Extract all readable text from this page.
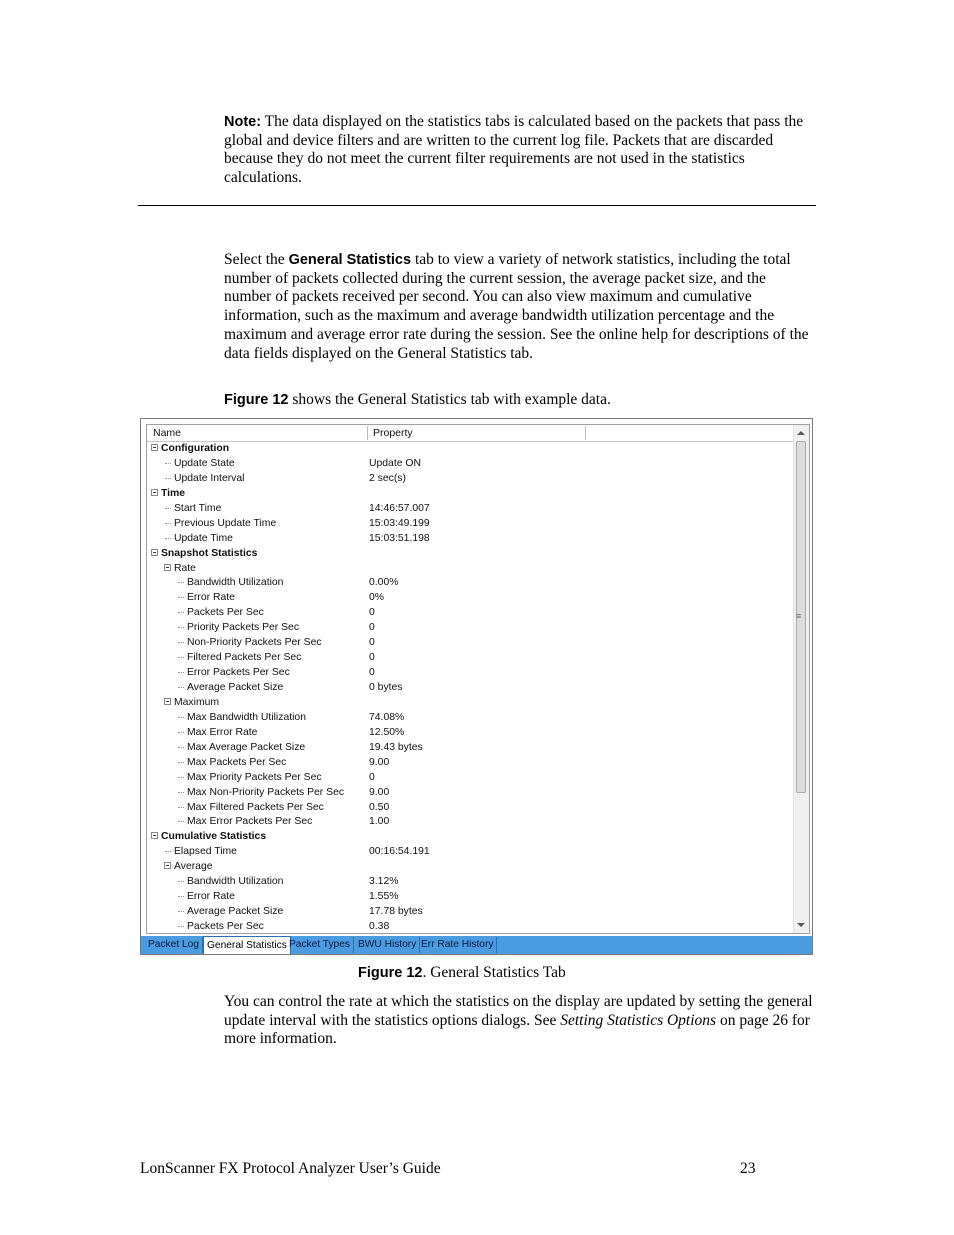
Note: The data displayed on the statistics tabs is calculated based on the packets that pass the global and device filters and are written to the current log file. Packets that are discarded because they do not meet the current filter requirements are not used in the statistics calculations.

Select the General Statistics tab to view a variety of network statistics, including the total number of packets collected during the current session, the average packet size, and the number of packets received per second. You can also view maximum and cumulative information, such as the maximum and average bandwidth utilization percentage and the maximum and average error rate during the session. See the online help for descriptions of the data fields displayed on the General Statistics tab.

Figure 12 shows the General Statistics tab with example data.

Name	Property
Configuration
Update State	Update ON
Update Interval	2 sec(s)
Time
Start Time	14:46:57.007
Previous Update Time	15:03:49.199
Update Time	15:03:51.198
Snapshot Statistics
Rate
Bandwidth Utilization	0.00%
Error Rate	0%
Packets Per Sec	0
Priority Packets Per Sec	0
Non-Priority Packets Per Sec	0
Filtered Packets Per Sec	0
Error Packets Per Sec	0
Average Packet Size	0 bytes
Maximum
Max Bandwidth Utilization	74.08%
Max Error Rate	12.50%
Max Average Packet Size	19.43 bytes
Max Packets Per Sec	9.00
Max Priority Packets Per Sec	0
Max Non-Priority Packets Per Sec 9.00
Max Filtered Packets Per Sec	0.50
Max Error Packets Per Sec	1.00
Cumulative Statistics
Elapsed Time	00:16:54.191
Average
Bandwidth Utilization	3.12%
Error Rate	1.55%
Average Packet Size	17.78 bytes
Packets Per Sec	0.38
≡
Packet Log General Statistics Packet Types BWU History Err Rate History
Figure 12. General Statistics Tab

You can control the rate at which the statistics on the display are updated by setting the general update interval with the statistics options dialogs. See Setting Statistics Options on page 26 for more information.

LonScanner FX Protocol Analyzer User’s Guide	23
